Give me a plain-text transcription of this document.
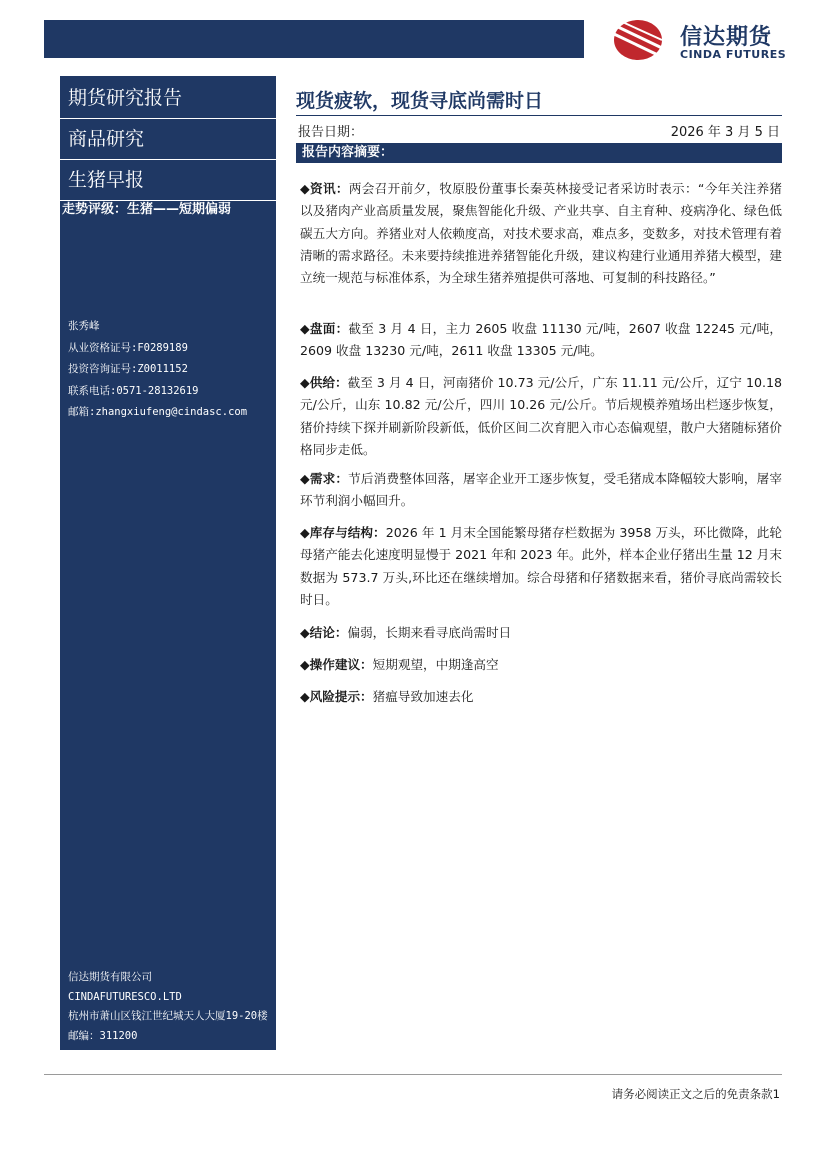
信达期货
CINDA FUTURES
期货研究报告
商品研究
生猪早报
走势评级：生猪——短期偏弱
张秀峰
从业资格证号:F0289189
投资咨询证号:Z0011152
联系电话:0571-28132619
邮箱:zhangxiufeng@cindasc.com
信达期货有限公司
CINDAFUTURESCO.LTD
杭州市萧山区钱江世纪城天人大厦19-20楼
邮编：311200
现货疲软，现货寻底尚需时日
报告日期：	2026 年 3 月 5 日
报告内容摘要：
◆资讯：两会召开前夕，牧原股份董事长秦英林接受记者采访时表示：“今年关注养猪以及猪肉产业高质量发展，聚焦智能化升级、产业共享、自主育种、疫病净化、绿色低碳五大方向。养猪业对人依赖度高，对技术要求高，难点多，变数多，对技术管理有着清晰的需求路径。未来要持续推进养猪智能化升级，建议构建行业通用养猪大模型，建立统一规范与标准体系，为全球生猪养殖提供可落地、可复制的科技路径。”
◆盘面：截至 3 月 4 日，主力 2605 收盘 11130 元/吨，2607 收盘 12245 元/吨，2609 收盘 13230 元/吨，2611 收盘 13305 元/吨。
◆供给：截至 3 月 4 日，河南猪价 10.73 元/公斤，广东 11.11 元/公斤，辽宁 10.18 元/公斤，山东 10.82 元/公斤，四川 10.26 元/公斤。节后规模养殖场出栏逐步恢复，猪价持续下探并刷新阶段新低，低价区间二次育肥入市心态偏观望，散户大猪随标猪价格同步走低。
◆需求：节后消费整体回落，屠宰企业开工逐步恢复，受毛猪成本降幅较大影响，屠宰环节利润小幅回升。
◆库存与结构：2026 年 1 月末全国能繁母猪存栏数据为 3958 万头，环比微降，此轮母猪产能去化速度明显慢于 2021 年和 2023 年。此外，样本企业仔猪出生量 12 月末数据为 573.7 万头,环比还在继续增加。综合母猪和仔猪数据来看，猪价寻底尚需较长时日。
◆结论：偏弱，长期来看寻底尚需时日
◆操作建议：短期观望，中期逢高空
◆风险提示：猪瘟导致加速去化
请务必阅读正文之后的免责条款1
